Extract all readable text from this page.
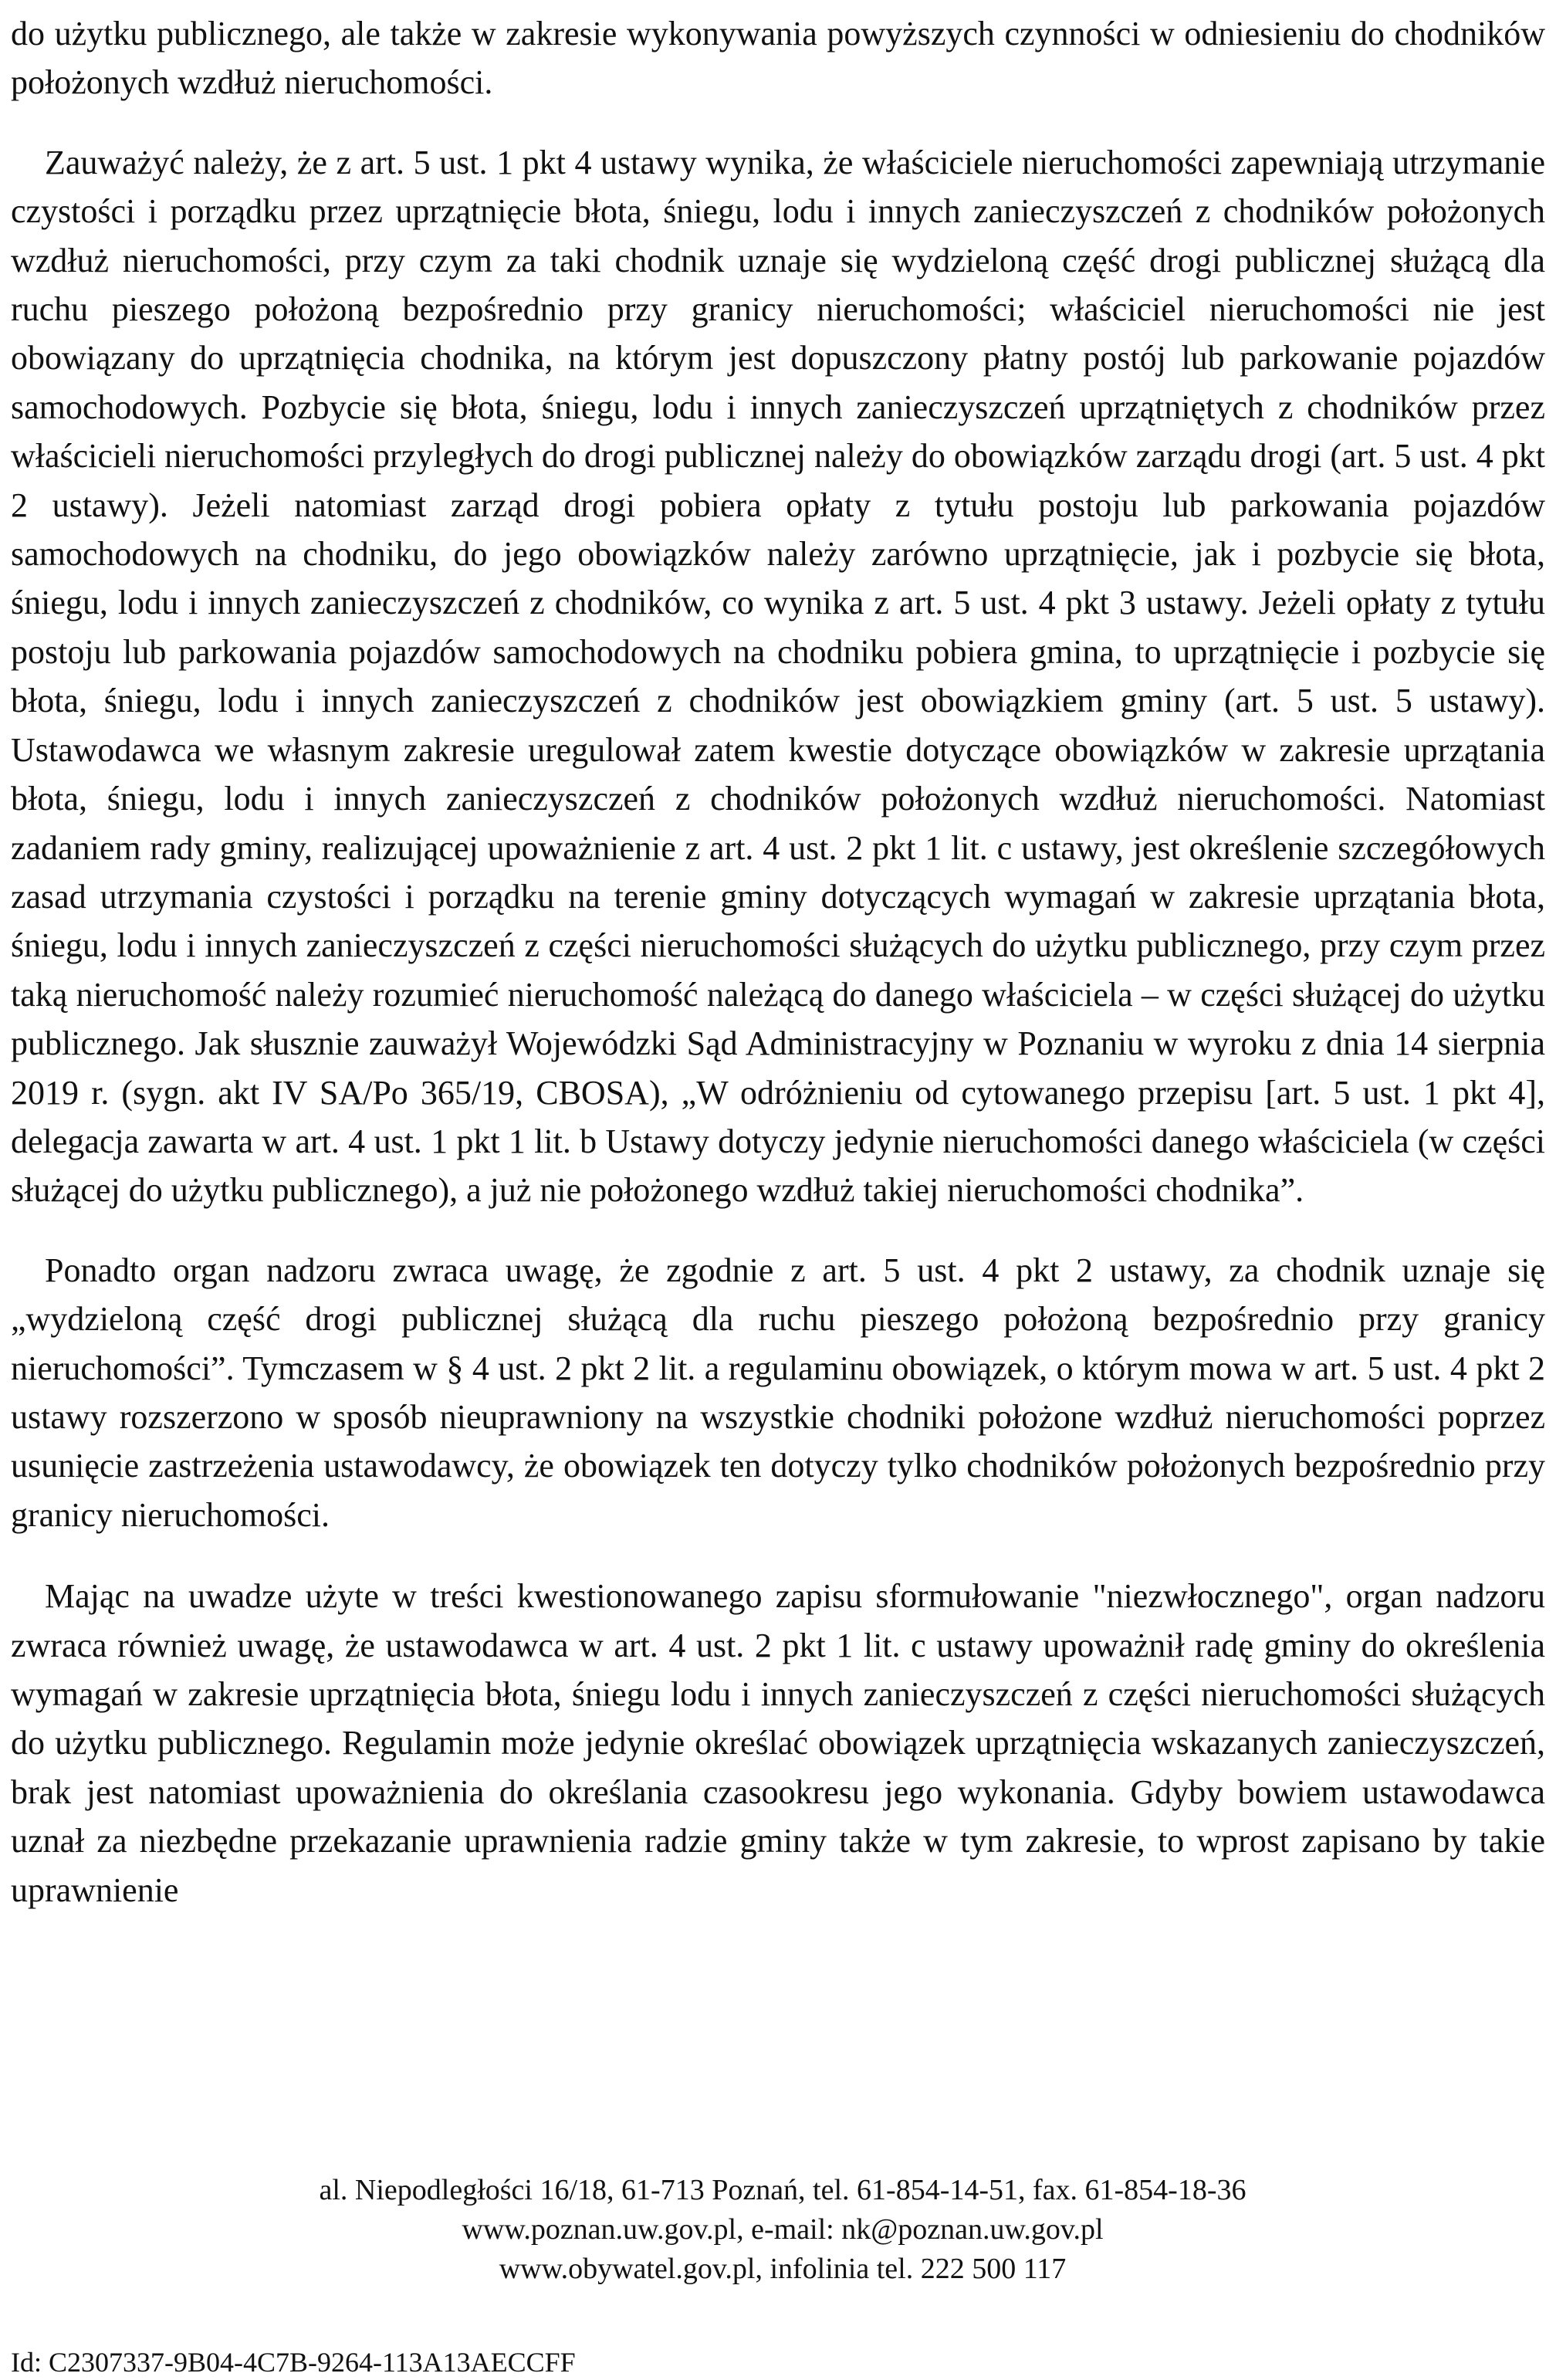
do użytku publicznego, ale także w zakresie wykonywania powyższych czynności w odniesieniu do chodników położonych wzdłuż nieruchomości.

Zauważyć należy, że z art. 5 ust. 1 pkt 4 ustawy wynika, że właściciele nieruchomości zapewniają utrzymanie czystości i porządku przez uprzątnięcie błota, śniegu, lodu i innych zanieczyszczeń z chodników położonych wzdłuż nieruchomości, przy czym za taki chodnik uznaje się wydzieloną część drogi publicznej służącą dla ruchu pieszego położoną bezpośrednio przy granicy nieruchomości; właściciel nieruchomości nie jest obowiązany do uprzątnięcia chodnika, na którym jest dopuszczony płatny postój lub parkowanie pojazdów samochodowych. Pozbycie się błota, śniegu, lodu i innych zanieczyszczeń uprzątniętych z chodników przez właścicieli nieruchomości przyległych do drogi publicznej należy do obowiązków zarządu drogi (art. 5 ust. 4 pkt 2 ustawy). Jeżeli natomiast zarząd drogi pobiera opłaty z tytułu postoju lub parkowania pojazdów samochodowych na chodniku, do jego obowiązków należy zarówno uprzątnięcie, jak i pozbycie się błota, śniegu, lodu i innych zanieczyszczeń z chodników, co wynika z art. 5 ust. 4 pkt 3 ustawy. Jeżeli opłaty z tytułu postoju lub parkowania pojazdów samochodowych na chodniku pobiera gmina, to uprzątnięcie i pozbycie się błota, śniegu, lodu i innych zanieczyszczeń z chodników jest obowiązkiem gminy (art. 5 ust. 5 ustawy). Ustawodawca we własnym zakresie uregulował zatem kwestie dotyczące obowiązków w zakresie uprzątania błota, śniegu, lodu i innych zanieczyszczeń z chodników położonych wzdłuż nieruchomości. Natomiast zadaniem rady gminy, realizującej upoważnienie z art. 4 ust. 2 pkt 1 lit. c ustawy, jest określenie szczegółowych zasad utrzymania czystości i porządku na terenie gminy dotyczących wymagań w zakresie uprzątania błota, śniegu, lodu i innych zanieczyszczeń z części nieruchomości służących do użytku publicznego, przy czym przez taką nieruchomość należy rozumieć nieruchomość należącą do danego właściciela – w części służącej do użytku publicznego. Jak słusznie zauważył Wojewódzki Sąd Administracyjny w Poznaniu w wyroku z dnia 14 sierpnia 2019 r. (sygn. akt IV SA/Po 365/19, CBOSA), „W odróżnieniu od cytowanego przepisu [art. 5 ust. 1 pkt 4], delegacja zawarta w art. 4 ust. 1 pkt 1 lit. b Ustawy dotyczy jedynie nieruchomości danego właściciela (w części służącej do użytku publicznego), a już nie położonego wzdłuż takiej nieruchomości chodnika”.

Ponadto organ nadzoru zwraca uwagę, że zgodnie z art. 5 ust. 4 pkt 2 ustawy, za chodnik uznaje się „wydzieloną część drogi publicznej służącą dla ruchu pieszego położoną bezpośrednio przy granicy nieruchomości”. Tymczasem w § 4 ust. 2 pkt 2 lit. a regulaminu obowiązek, o którym mowa w art. 5 ust. 4 pkt 2 ustawy rozszerzono w sposób nieuprawniony na wszystkie chodniki położone wzdłuż nieruchomości poprzez usunięcie zastrzeżenia ustawodawcy, że obowiązek ten dotyczy tylko chodników położonych bezpośrednio przy granicy nieruchomości.

Mając na uwadze użyte w treści kwestionowanego zapisu sformułowanie "niezwłocznego", organ nadzoru zwraca również uwagę, że ustawodawca w art. 4 ust. 2 pkt 1 lit. c ustawy upoważnił radę gminy do określenia wymagań w zakresie uprzątnięcia błota, śniegu lodu i innych zanieczyszczeń z części nieruchomości służących do użytku publicznego. Regulamin może jedynie określać obowiązek uprzątnięcia wskazanych zanieczyszczeń, brak jest natomiast upoważnienia do określania czasookresu jego wykonania. Gdyby bowiem ustawodawca uznał za niezbędne przekazanie uprawnienia radzie gminy także w tym zakresie, to wprost zapisano by takie uprawnienie

al. Niepodległości 16/18, 61-713 Poznań, tel. 61-854-14-51, fax. 61-854-18-36
www.poznan.uw.gov.pl, e-mail: nk@poznan.uw.gov.pl
www.obywatel.gov.pl, infolinia tel. 222 500 117
Id: C2307337-9B04-4C7B-9264-113A13AECCFF
